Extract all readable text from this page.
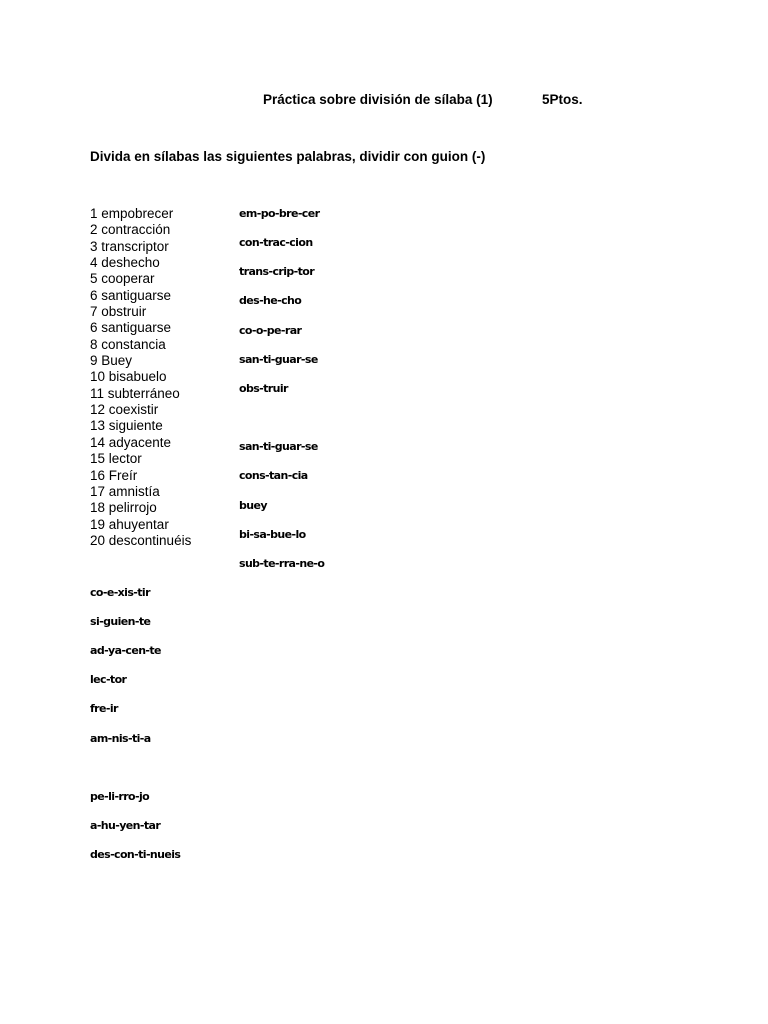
Práctica sobre división de sílaba (1)	5Ptos.
Divida en sílabas las siguientes palabras, dividir con guion (-)
1 empobrecer
2 contracción
3 transcriptor
4 deshecho
5 cooperar
6 santiguarse
7 obstruir
6 santiguarse
8 constancia
9 Buey
10 bisabuelo
11 subterráneo
12 coexistir
13 siguiente
14 adyacente
15 lector
16 Freír
17 amnistía
18 pelirrojo
19 ahuyentar
20 descontinuéis
em-po-bre-cer
con-trac-cion
trans-crip-tor
des-he-cho
co-o-pe-rar
san-ti-guar-se
obs-truir
san-ti-guar-se
cons-tan-cia
buey
bi-sa-bue-lo
sub-te-rra-ne-o
co-e-xis-tir
si-guien-te
ad-ya-cen-te
lec-tor
fre-ir
am-nis-ti-a
pe-li-rro-jo
a-hu-yen-tar
des-con-ti-nueis
